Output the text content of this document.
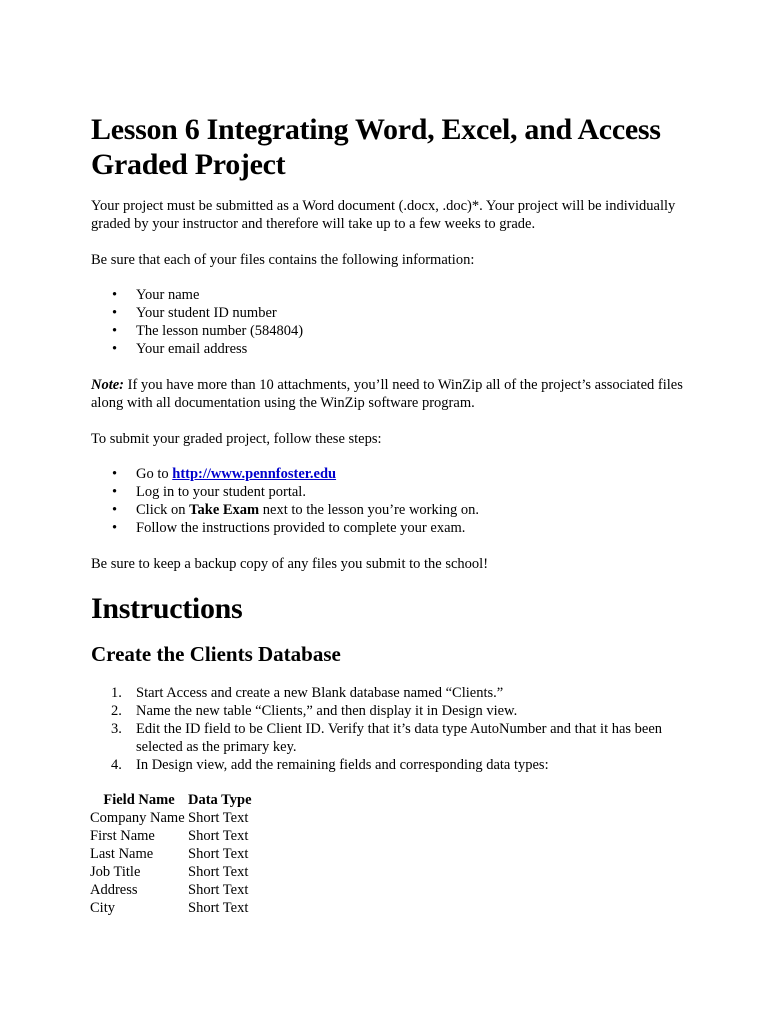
Lesson 6 Integrating Word, Excel, and Access
Graded Project

Your project must be submitted as a Word document (.docx, .doc)*. Your project will be individually graded by your instructor and therefore will take up to a few weeks to grade.

Be sure that each of your files contains the following information:

• Your name
• Your student ID number
• The lesson number (584804)
• Your email address

Note: If you have more than 10 attachments, you’ll need to WinZip all of the project’s associated files along with all documentation using the WinZip software program.

To submit your graded project, follow these steps:

• Go to http://www.pennfoster.edu
• Log in to your student portal.
• Click on Take Exam next to the lesson you’re working on.
• Follow the instructions provided to complete your exam.

Be sure to keep a backup copy of any files you submit to the school!

Instructions
Create the Clients Database
1. Start Access and create a new Blank database named “Clients.”
2. Name the new table “Clients,” and then display it in Design view.
3. Edit the ID field to be Client ID. Verify that it’s data type AutoNumber and that it has been selected as the primary key.
4. In Design view, add the remaining fields and corresponding data types:
Field Name	Data Type
Company Name	Short Text
First Name	Short Text
Last Name	Short Text
Job Title	Short Text
Address	Short Text
City	Short Text
